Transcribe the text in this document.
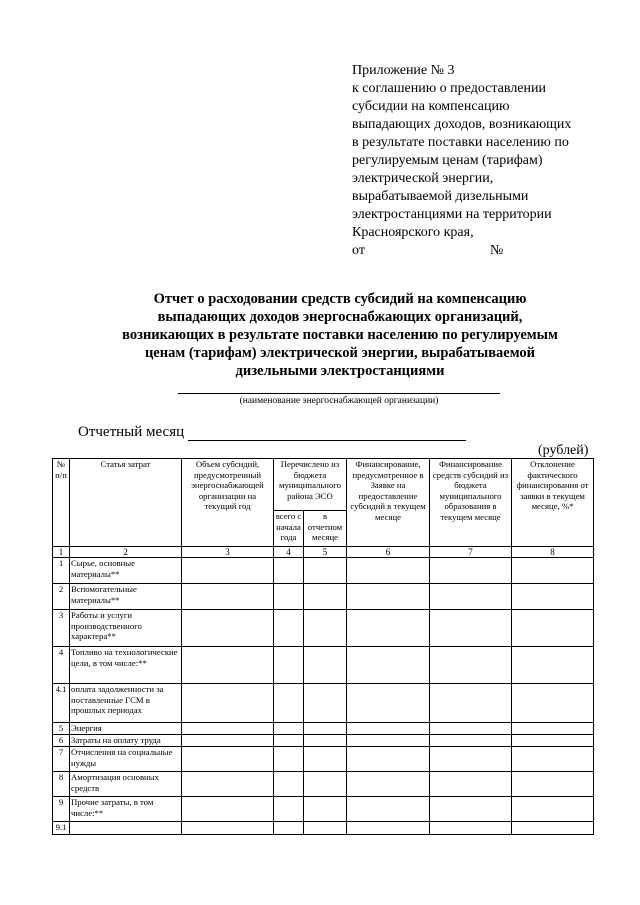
Приложение № 3
к соглашению о предоставлении
субсидии на компенсацию
выпадающих доходов, возникающих
в результате поставки населению по
регулируемым ценам (тарифам)
электрической энергии,
вырабатываемой дизельными
электростанциями на территории
Красноярского края,
от	№
Отчет о расходовании средств субсидий на компенсацию
выпадающих доходов энергоснабжающих организаций,
возникающих в результате поставки населению по регулируемым
ценам (тарифам) электрической энергии, вырабатываемой
дизельными электростанциями
(наименование энергоснабжающей организации)
Отчетный месяц
(рублей)
№ п/п	Статья затрат	Объем субсидий, предусмотренный энергоснабжающей организации на текущий год	Перечислено из бюджета муниципального района ЭСО		Финансирование, предусмотренное в Заявке на предоставление субсидий в текущем месяце	Финансирование средств субсидий из бюджета муниципального образования в текущем месяце	Отклонение фактического финансирования от заявки в текущем месяце, %*
			всего с начала года	в отчетном месяце			
1	2	3	4	5	6	7	8
1	Сырье, основные материалы**						
2	Вспомогательные материалы**						
3	Работы и услуги производственного характера**						
4	Топливо на технологические цели, в том числе:**						
4.1	оплата задолженности за поставленные ГСМ в прошлых периодах						
5	Энергия						
6	Затраты на оплату труда						
7	Отчисления на социальные нужды						
8	Амортизация основных средств						
9	Прочие затраты, в том числе:**						
9.1							
